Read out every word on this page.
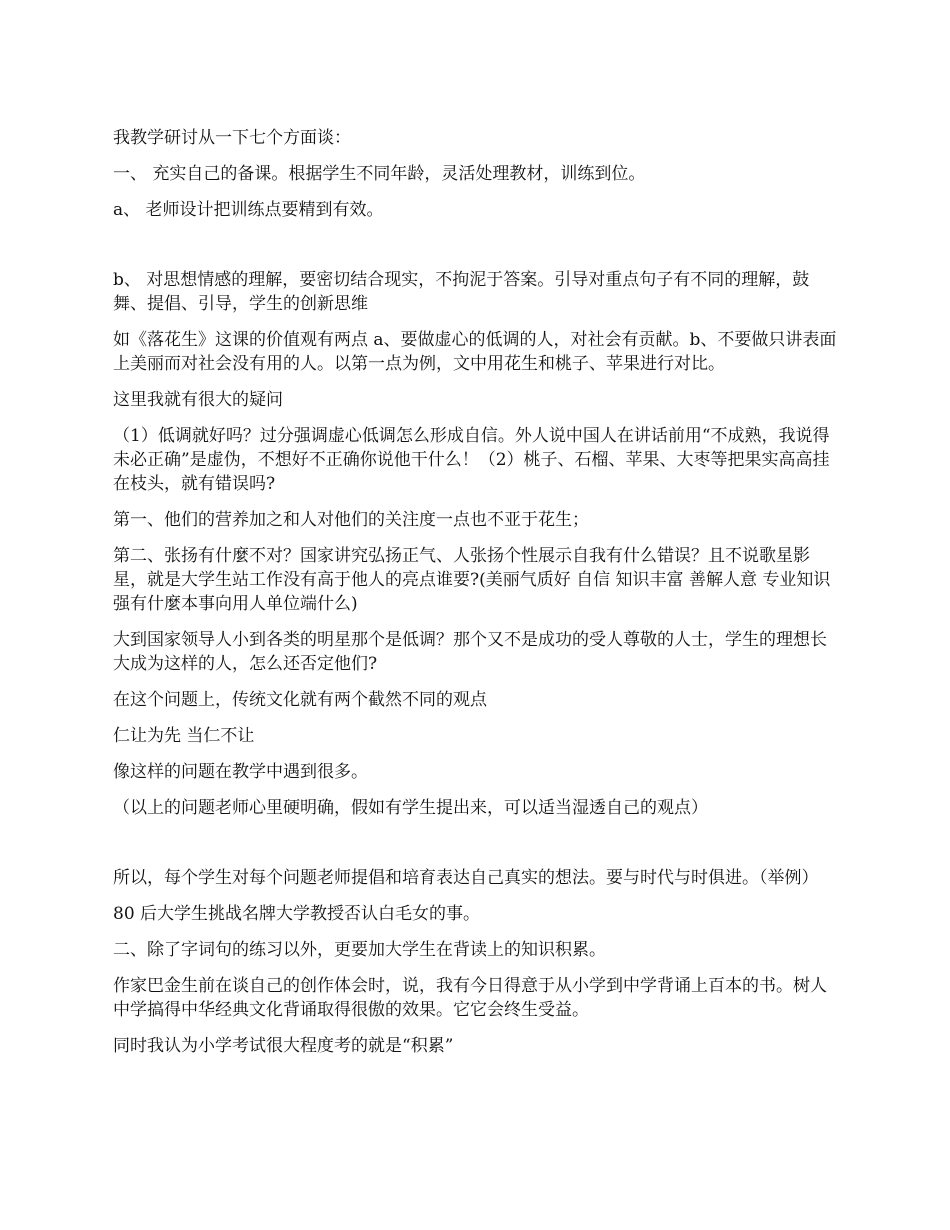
我教学研讨从一下七个方面谈：

一、 充实自己的备课。根据学生不同年龄，灵活处理教材，训练到位。

a、 老师设计把训练点要精到有效。

b、 对思想情感的理解，要密切结合现实，不拘泥于答案。引导对重点句子有不同的理解，鼓舞、提倡、引导，学生的创新思维

如《落花生》这课的价值观有两点 a、要做虚心的低调的人，对社会有贡献。b、不要做只讲表面上美丽而对社会没有用的人。以第一点为例，文中用花生和桃子、苹果进行对比。

这里我就有很大的疑问

（1）低调就好吗？过分强调虚心低调怎么形成自信。外人说中国人在讲话前用“不成熟，我说得未必正确”是虚伪，不想好不正确你说他干什么！（2）桃子、石榴、苹果、大枣等把果实高高挂在枝头，就有错误吗?

第一、他们的营养加之和人对他们的关注度一点也不亚于花生；

第二、张扬有什麼不对？国家讲究弘扬正气、人张扬个性展示自我有什么错误？且不说歌星影星，就是大学生站工作没有高于他人的亮点谁要?(美丽气质好 自信 知识丰富 善解人意 专业知识强有什麼本事向用人单位端什么)

大到国家领导人小到各类的明星那个是低调？那个又不是成功的受人尊敬的人士，学生的理想长大成为这样的人，怎么还否定他们?

在这个问题上，传统文化就有两个截然不同的观点

仁让为先 当仁不让

像这样的问题在教学中遇到很多。

（以上的问题老师心里硬明确，假如有学生提出来，可以适当湿透自己的观点）

所以，每个学生对每个问题老师提倡和培育表达自己真实的想法。要与时代与时俱进。（举例）

80 后大学生挑战名牌大学教授否认白毛女的事。

二、除了字词句的练习以外，更要加大学生在背读上的知识积累。

作家巴金生前在谈自己的创作体会时，说，我有今日得意于从小学到中学背诵上百本的书。树人中学搞得中华经典文化背诵取得很傲的效果。它它会终生受益。

同时我认为小学考试很大程度考的就是“积累”
